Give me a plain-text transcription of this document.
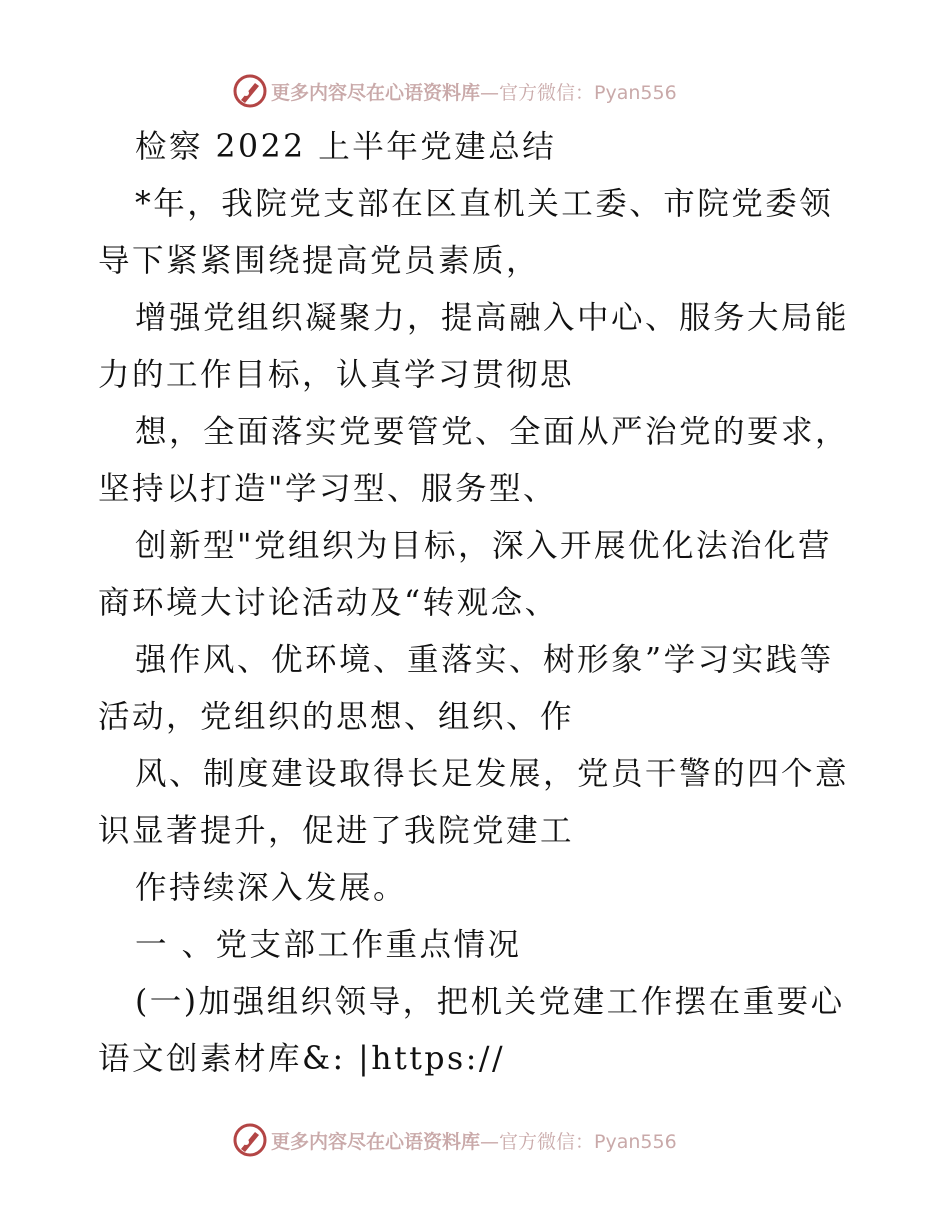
更多内容尽在心语资料库 —官方微信：Pyan556
检察 2022 上半年党建总结
*年，我院党支部在区直机关工委、市院党委领
导下紧紧围绕提高党员素质，
增强党组织凝聚力，提高融入中心、服务大局能
力的工作目标，认真学习贯彻思
想，全面落实党要管党、全面从严治党的要求，
坚持以打造"学习型、服务型、
创新型"党组织为目标，深入开展优化法治化营
商环境大讨论活动及“转观念、
强作风、优环境、重落实、树形象”学习实践等
活动，党组织的思想、组织、作
风、制度建设取得长足发展，党员干警的四个意
识显著提升，促进了我院党建工
作持续深入发展。
一 、党支部工作重点情况
(一)加强组织领导，把机关党建工作摆在重要心
语文创素材库&: |https://
更多内容尽在心语资料库 —官方微信：Pyan556
